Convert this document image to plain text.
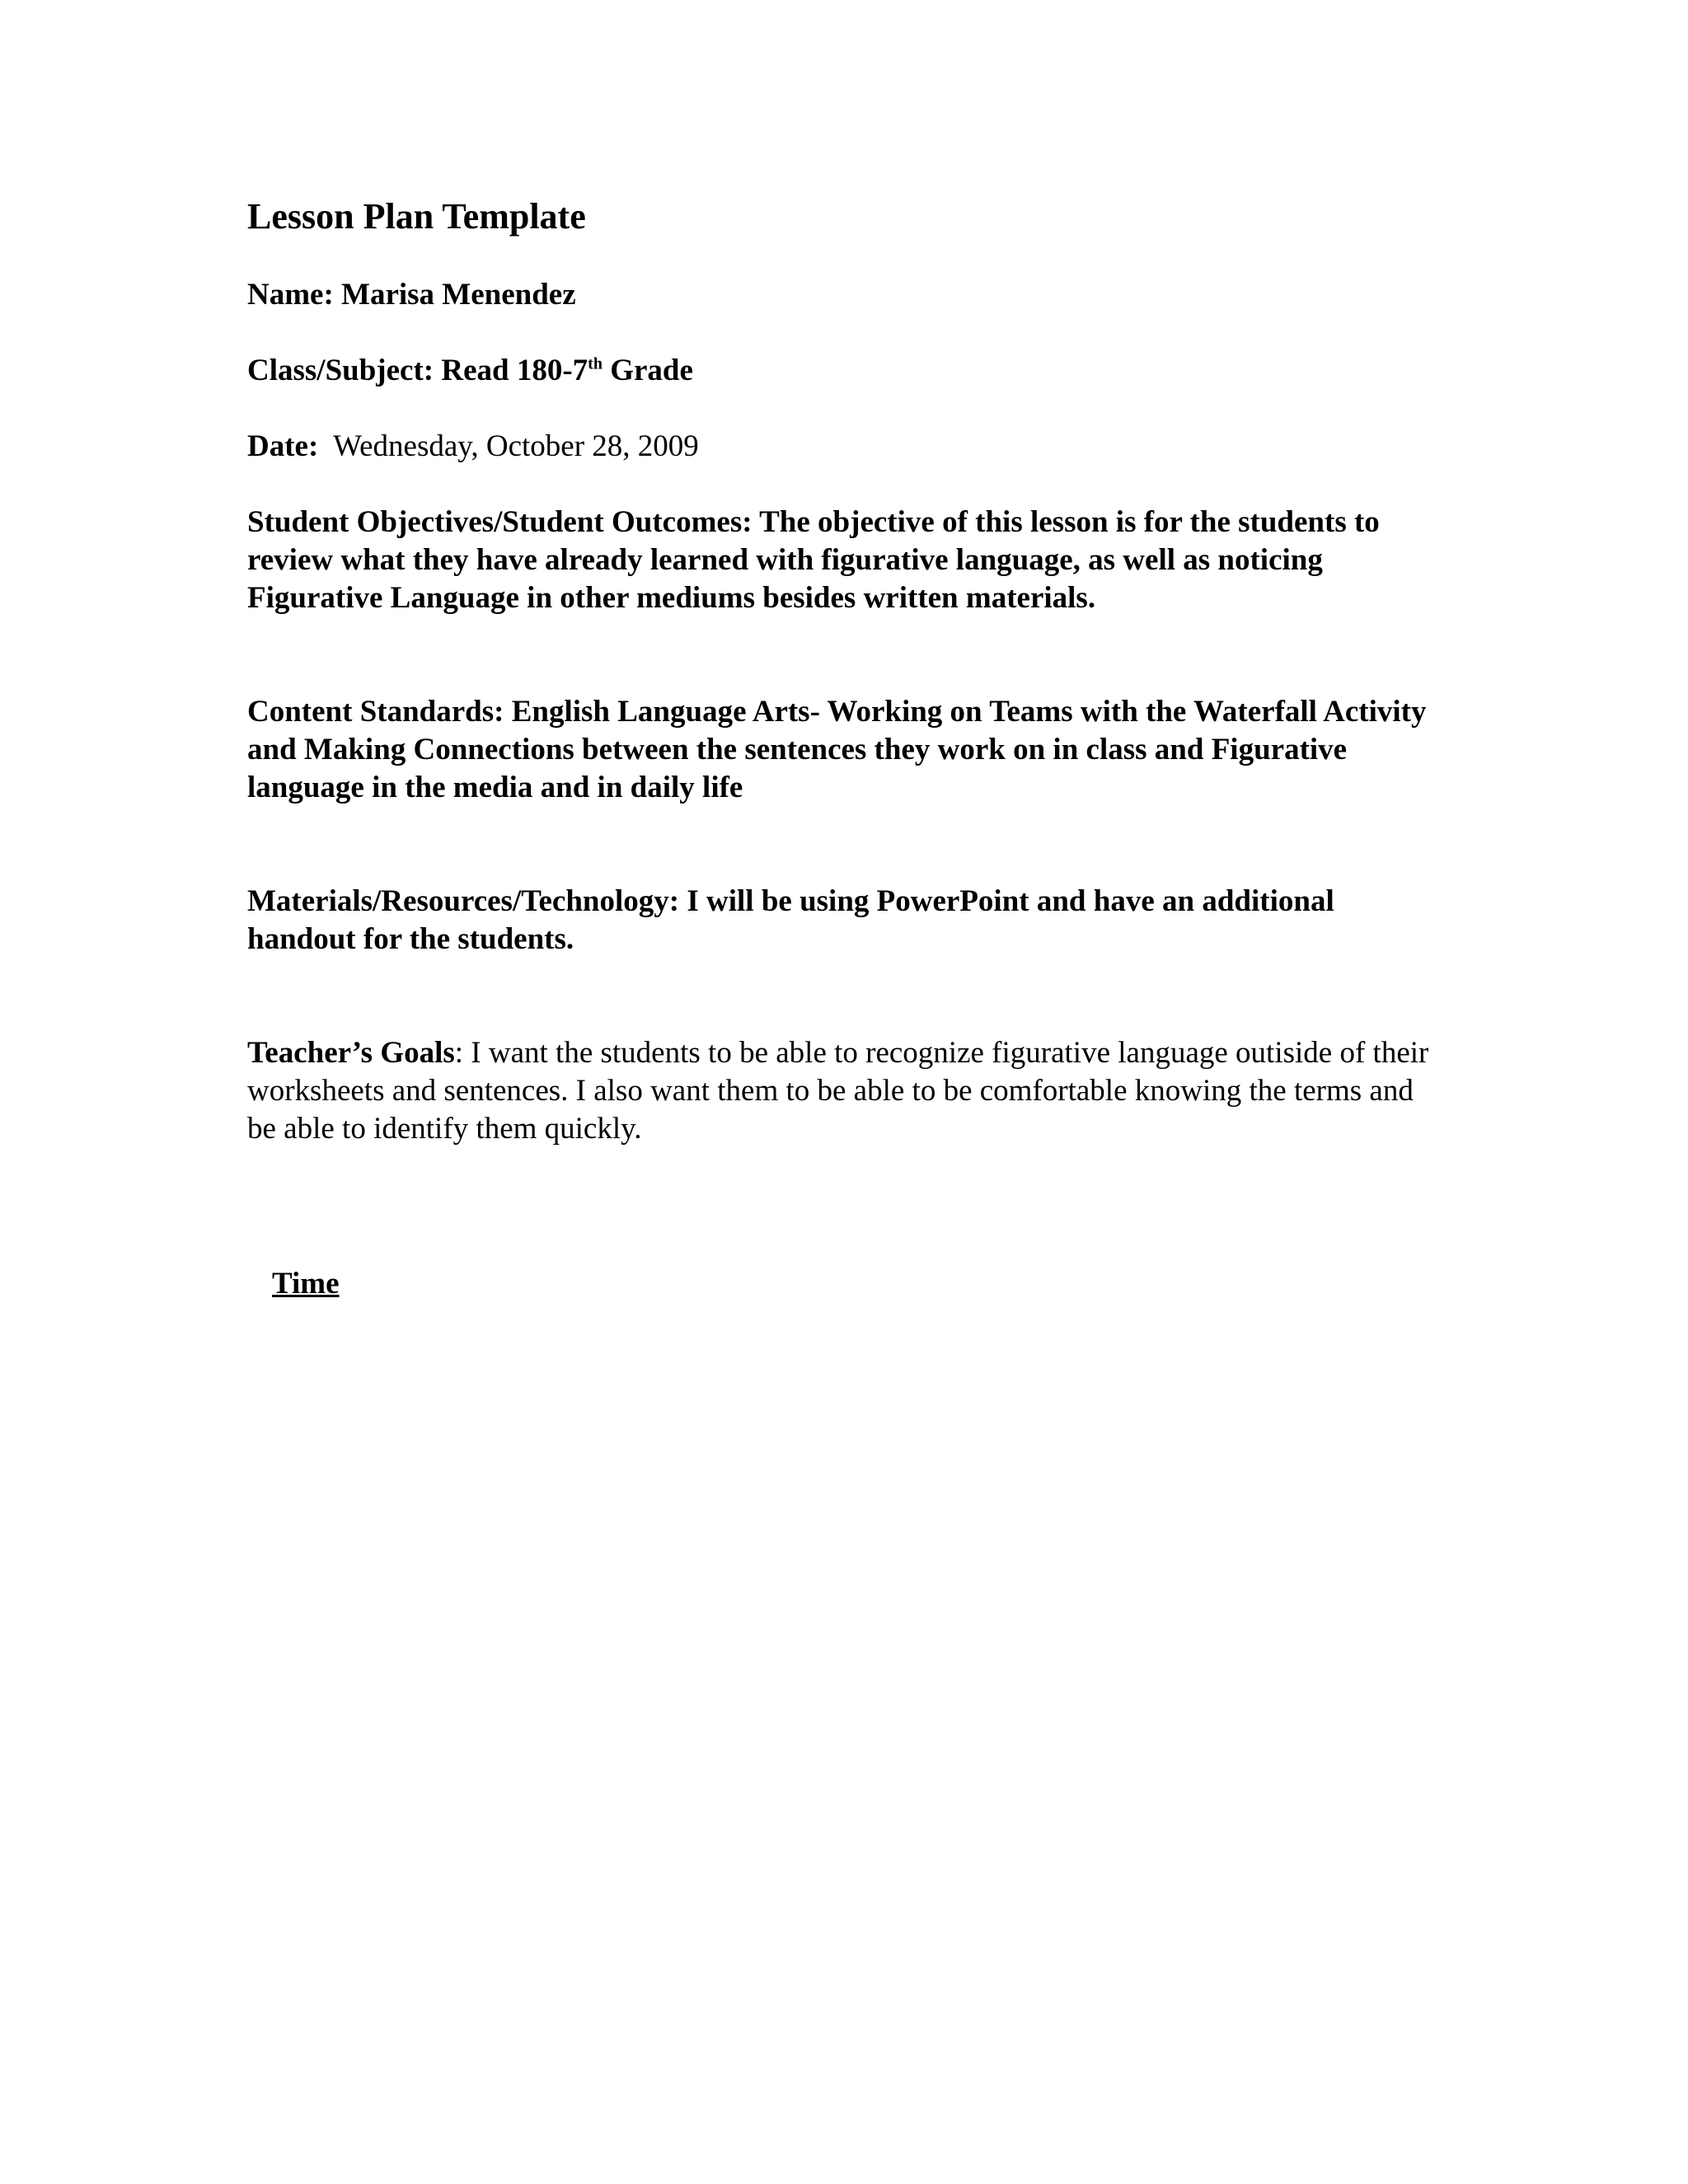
Lesson Plan Template

Name: Marisa Menendez

Class/Subject: Read 180-7th Grade

Date: Wednesday, October 28, 2009

Student Objectives/Student Outcomes: The objective of this lesson is for the students to review what they have already learned with figurative language, as well as noticing Figurative Language in other mediums besides written materials.

Content Standards: English Language Arts- Working on Teams with the Waterfall Activity and Making Connections between the sentences they work on in class and Figurative language in the media and in daily life

Materials/Resources/Technology: I will be using PowerPoint and have an additional handout for the students.

Teacher’s Goals: I want the students to be able to recognize figurative language outiside of their worksheets and sentences. I also want them to be able to be comfortable knowing the terms and be able to identify them quickly.

Time
